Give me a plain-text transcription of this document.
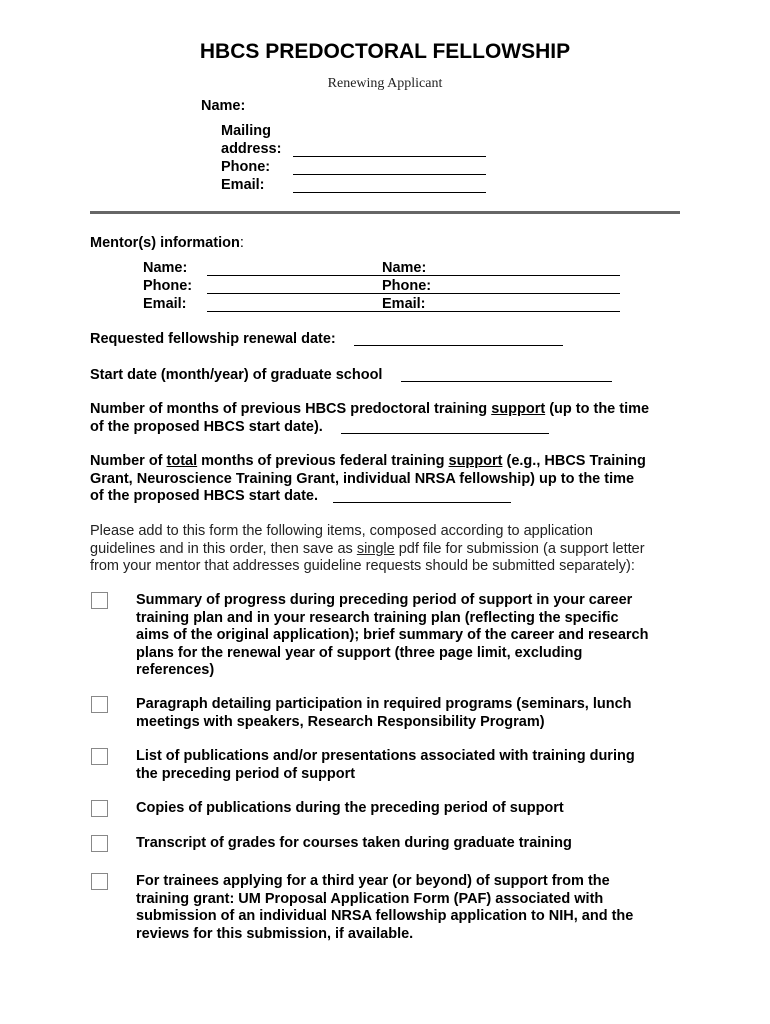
HBCS PREDOCTORAL FELLOWSHIP
Renewing Applicant
Name:
Mailing
address:
Phone:
Email:
Mentor(s) information:
Name:
Phone:
Email:
Name:
Phone:
Email:
Requested fellowship renewal date:
Start date (month/year) of graduate school
Number of months of previous HBCS predoctoral training support (up to the time
of the proposed HBCS start date).
Number of total months of previous federal training support (e.g., HBCS Training
Grant, Neuroscience Training Grant, individual NRSA fellowship) up to the time
of the proposed HBCS start date.
Please add to this form the following items, composed according to application
guidelines and in this order, then save as single pdf file for submission (a support letter
from your mentor that addresses guideline requests should be submitted separately):
Summary of progress during preceding period of support in your career
training plan and in your research training plan (reflecting the specific
aims of the original application); brief summary of the career and research
plans for the renewal year of support (three page limit, excluding
references)
Paragraph detailing participation in required programs (seminars, lunch
meetings with speakers, Research Responsibility Program)
List of publications and/or presentations associated with training during
the preceding period of support
Copies of publications during the preceding period of support
Transcript of grades for courses taken during graduate training
For trainees applying for a third year (or beyond) of support from the
training grant: UM Proposal Application Form (PAF) associated with
submission of an individual NRSA fellowship application to NIH, and the
reviews for this submission, if available.
